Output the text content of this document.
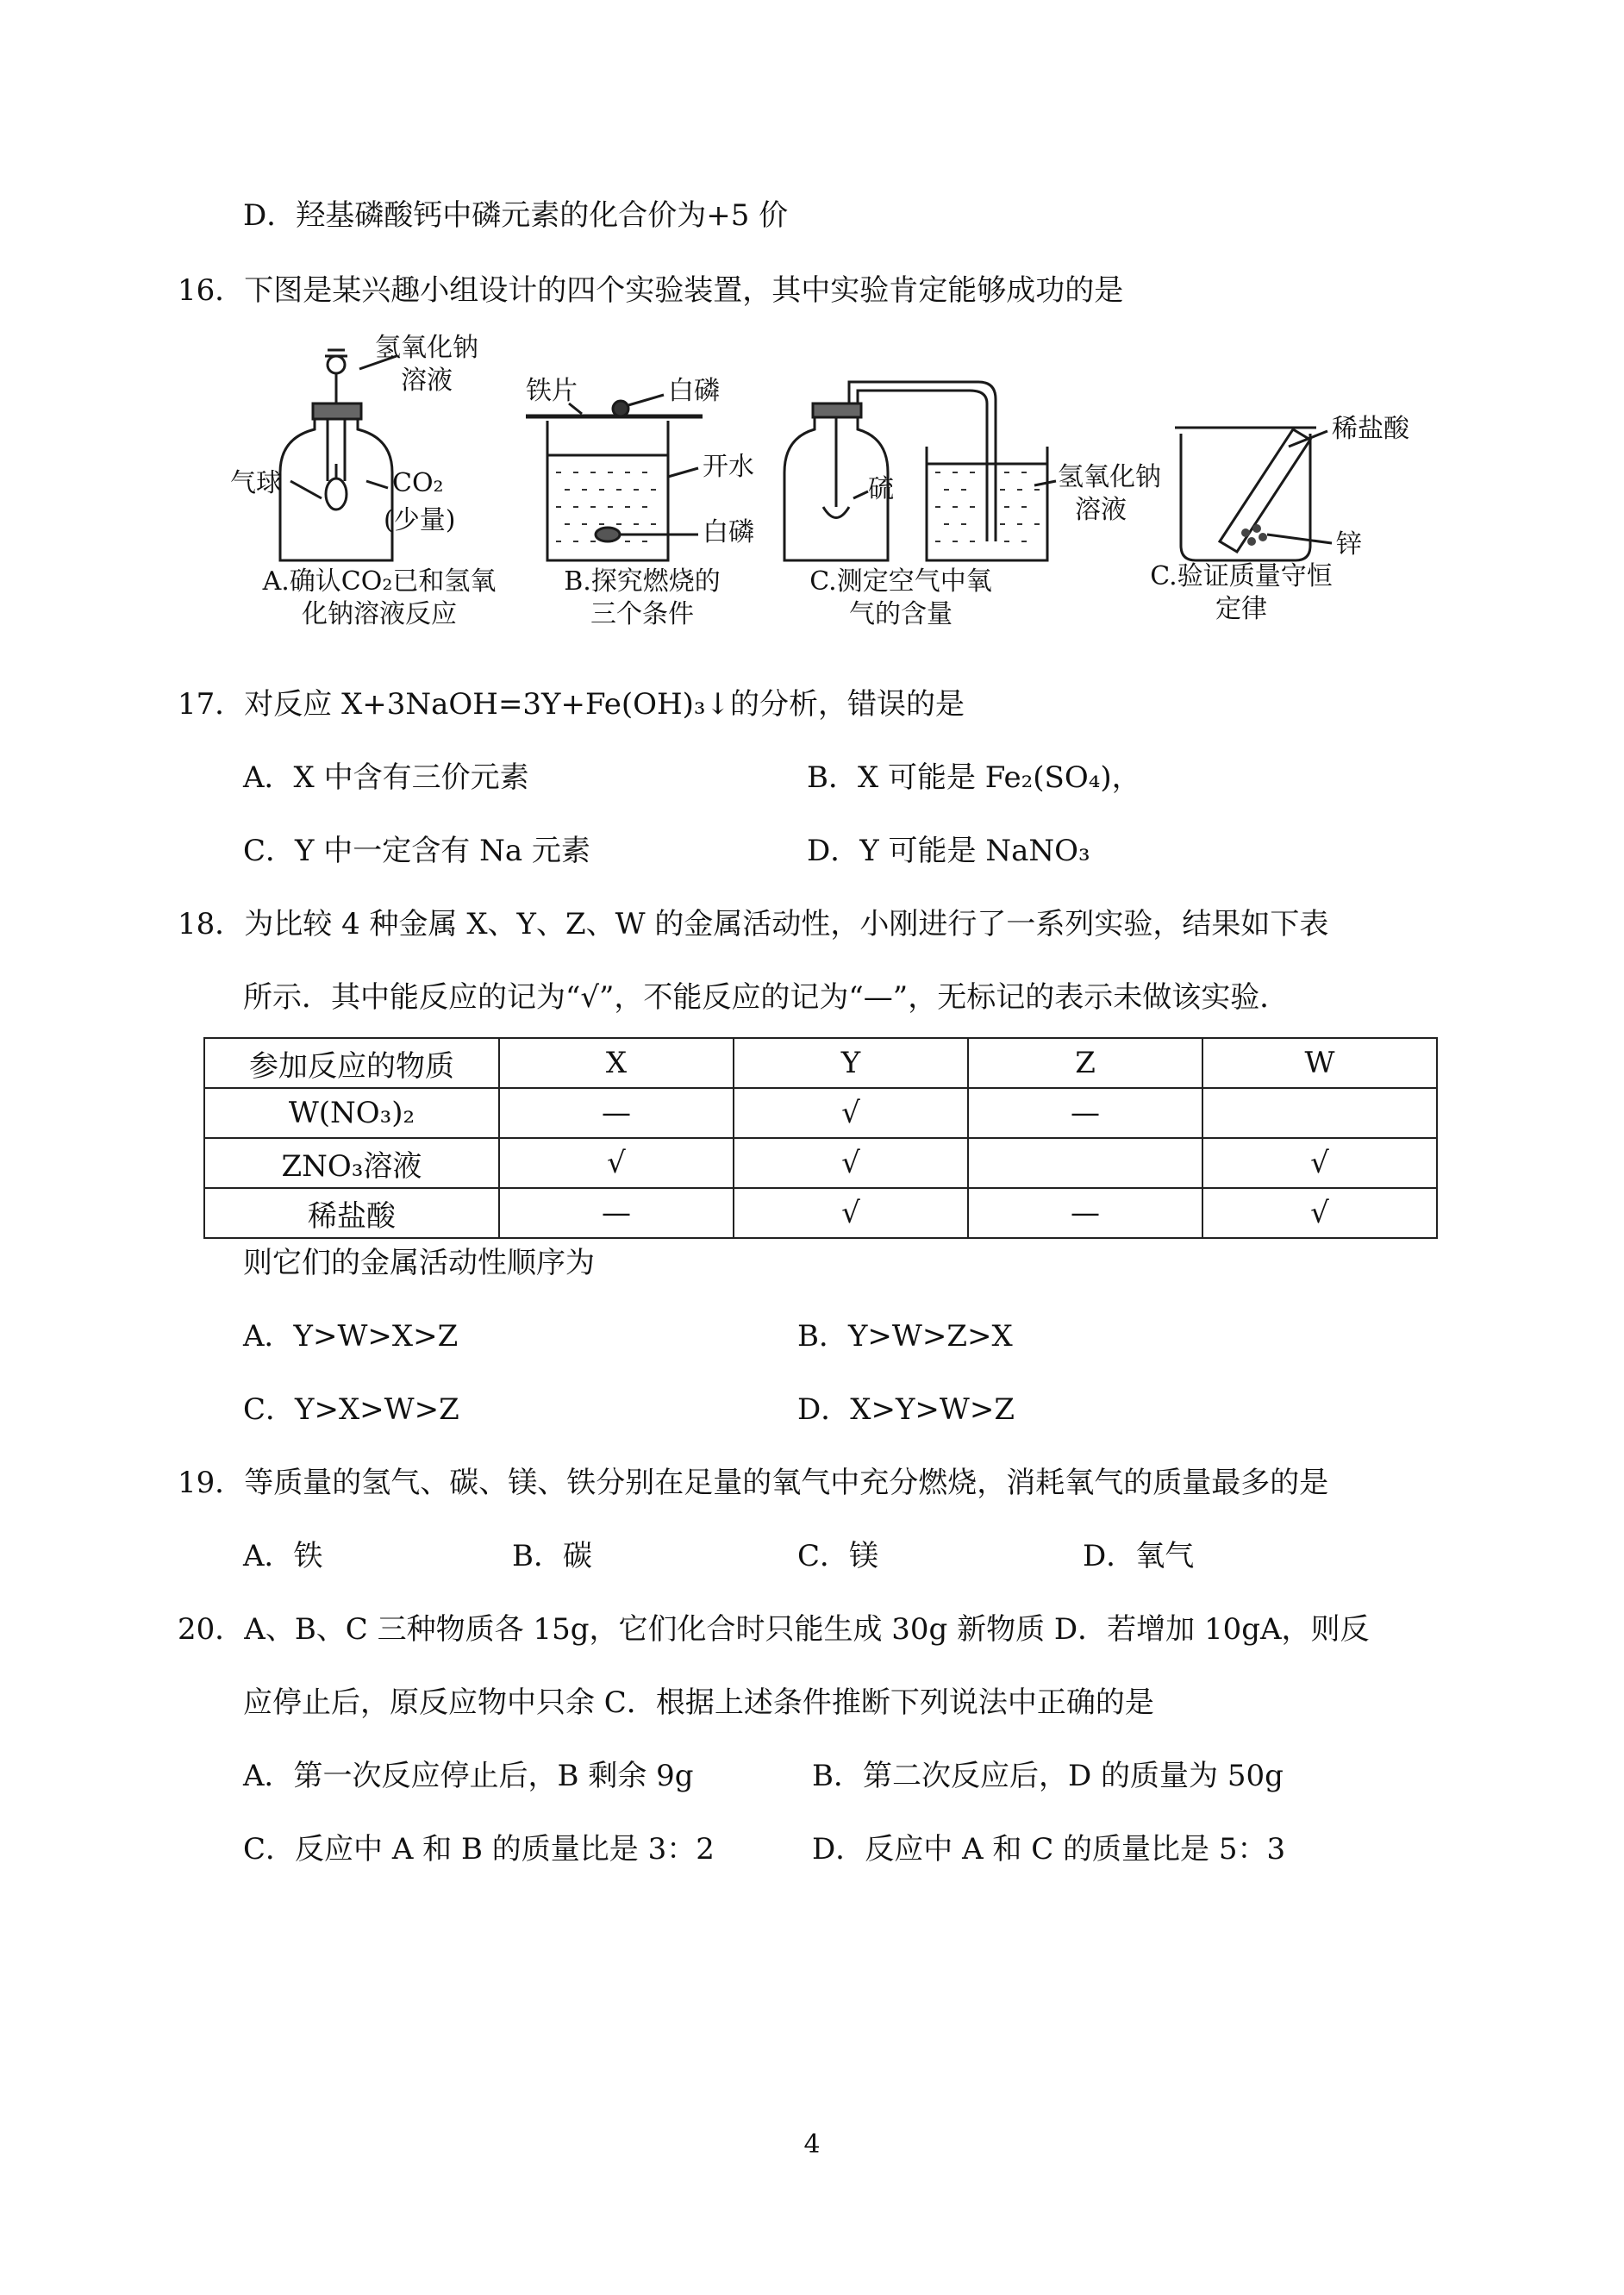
D．羟基磷酸钙中磷元素的化合价为+5 价
16．下图是某兴趣小组设计的四个实验装置，其中实验肯定能够成功的是
氢氧化钠
溶液
气球	CO₂
(少量)
A.确认CO₂已和氢氧
化钠溶液反应
铁片	白磷
开水
白磷
B.探究燃烧的
三个条件
硫	氢氧化钠
溶液
C.测定空气中氧
气的含量
稀盐酸
锌
C.验证质量守恒
定律
17．对反应 X+3NaOH=3Y+Fe(OH)₃↓的分析，错误的是
A．X 中含有三价元素	B．X 可能是 Fe₂(SO₄)，
C．Y 中一定含有 Na 元素	D．Y 可能是 NaNO₃
18．为比较 4 种金属 X、Y、Z、W 的金属活动性，小刚进行了一系列实验，结果如下表
所示．其中能反应的记为“√”，不能反应的记为“—”，无标记的表示未做该实验．
参加反应的物质	X	Y	Z	W
W(NO₃)₂	—	√	—	
ZNO₃溶液	√	√		√
稀盐酸	—	√	—	√
则它们的金属活动性顺序为
A．Y>W>X>Z	B．Y>W>Z>X
C．Y>X>W>Z	D．X>Y>W>Z
19．等质量的氢气、碳、镁、铁分别在足量的氧气中充分燃烧，消耗氧气的质量最多的是
A．铁	B．碳	C．镁	D．氧气
20．A、B、C 三种物质各 15g，它们化合时只能生成 30g 新物质 D．若增加 10gA，则反
应停止后，原反应物中只余 C．根据上述条件推断下列说法中正确的是
A．第一次反应停止后，B 剩余 9g	B．第二次反应后，D 的质量为 50g
C．反应中 A 和 B 的质量比是 3：2	D．反应中 A 和 C 的质量比是 5：3
4
